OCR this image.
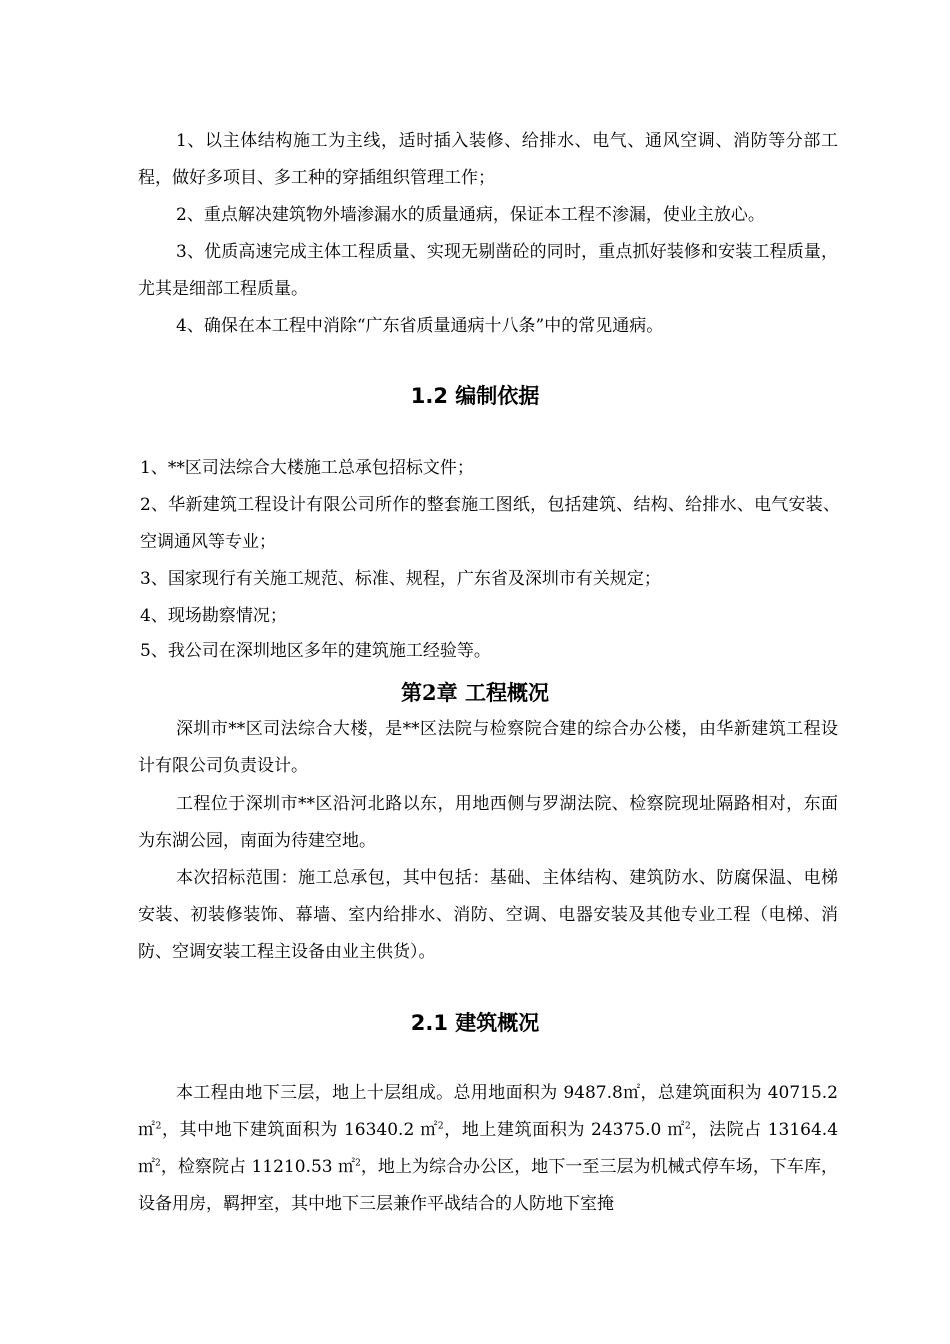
1、以主体结构施工为主线，适时插入装修、给排水、电气、通风空调、消防等分部工程，做好多项目、多工种的穿插组织管理工作；

2、重点解决建筑物外墙渗漏水的质量通病，保证本工程不渗漏，使业主放心。

3、优质高速完成主体工程质量、实现无剔凿砼的同时，重点抓好装修和安装工程质量，尤其是细部工程质量。

4、确保在本工程中消除“广东省质量通病十八条”中的常见通病。

1.2 编制依据

1、**区司法综合大楼施工总承包招标文件；

2、华新建筑工程设计有限公司所作的整套施工图纸，包括建筑、结构、给排水、电气安装、空调通风等专业；

3、国家现行有关施工规范、标准、规程，广东省及深圳市有关规定；

4、现场勘察情况；

5、我公司在深圳地区多年的建筑施工经验等。

第2章 工程概况

深圳市**区司法综合大楼，是**区法院与检察院合建的综合办公楼，由华新建筑工程设计有限公司负责设计。

工程位于深圳市**区沿河北路以东，用地西侧与罗湖法院、检察院现址隔路相对，东面为东湖公园，南面为待建空地。

本次招标范围：施工总承包，其中包括：基础、主体结构、建筑防水、防腐保温、电梯安装、初装修装饰、幕墙、室内给排水、消防、空调、电器安装及其他专业工程（电梯、消防、空调安装工程主设备由业主供货）。

2.1 建筑概况

本工程由地下三层，地上十层组成。总用地面积为 9487.8㎡，总建筑面积为 40715.2 ㎡$^2$，其中地下建筑面积为 16340.2 ㎡$^2$，地上建筑面积为 24375.0 ㎡$^2$，法院占 13164.4 ㎡$^2$，检察院占 11210.53 ㎡$^2$，地上为综合办公区，地下一至三层为机械式停车场，下车库，设备用房，羁押室，其中地下三层兼作平战结合的人防地下室掩
